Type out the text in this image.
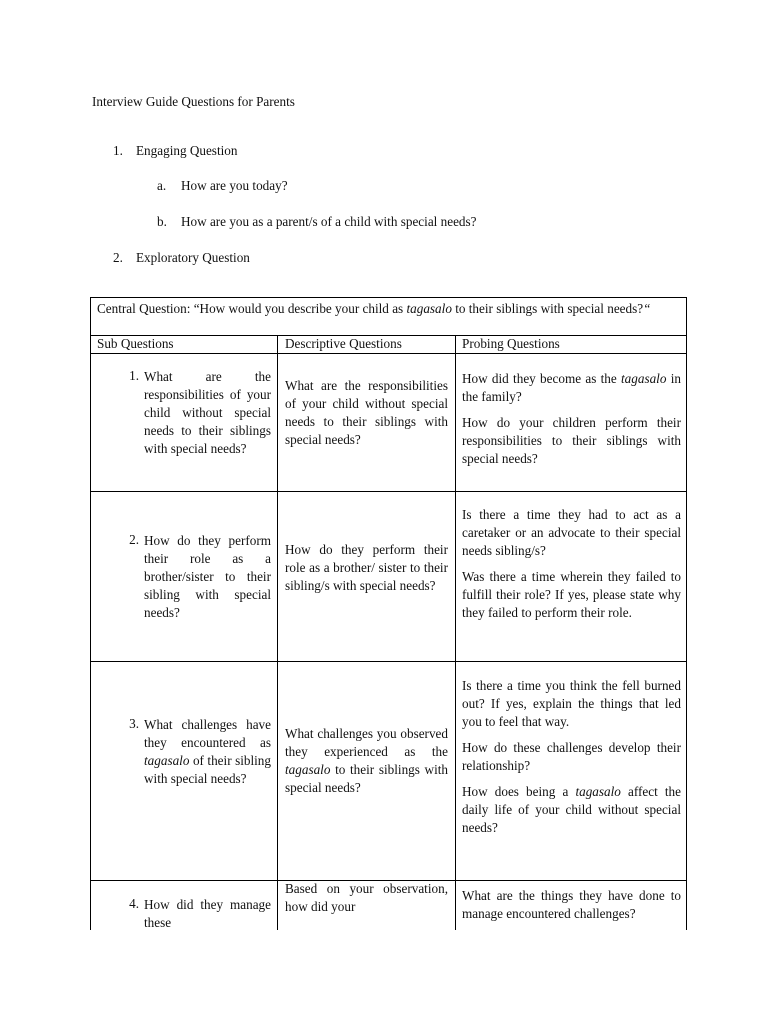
Interview Guide Questions for Parents
1. Engaging Question
a. How are you today?
b. How are you as a parent/s of a child with special needs?
2. Exploratory Question
Central Question: “How would you describe your child as tagasalo to their siblings with special needs?“
Sub Questions	Descriptive Questions	Probing Questions
1. What are the responsibilities of your child without special needs to their siblings with special needs?
What are the responsibilities of your child without special needs to their siblings with special needs?
How did they become as the tagasalo in the family?
How do your children perform their responsibilities to their siblings with special needs?
2. How do they perform their role as a brother/sister to their sibling with special needs?
How do they perform their role as a brother/ sister to their sibling/s with special needs?
Is there a time they had to act as a caretaker or an advocate to their special needs sibling/s?
Was there a time wherein they failed to fulfill their role? If yes, please state why they failed to perform their role.
3. What challenges have they encountered as tagasalo of their sibling with special needs?
What challenges you observed they experienced as the tagasalo to their siblings with special needs?
Is there a time you think the fell burned out? If yes, explain the things that led you to feel that way.
How do these challenges develop their relationship?
How does being a tagasalo affect the daily life of your child without special needs?
4. How did they manage these
Based on your observation, how did your
What are the things they have done to manage encountered challenges?
